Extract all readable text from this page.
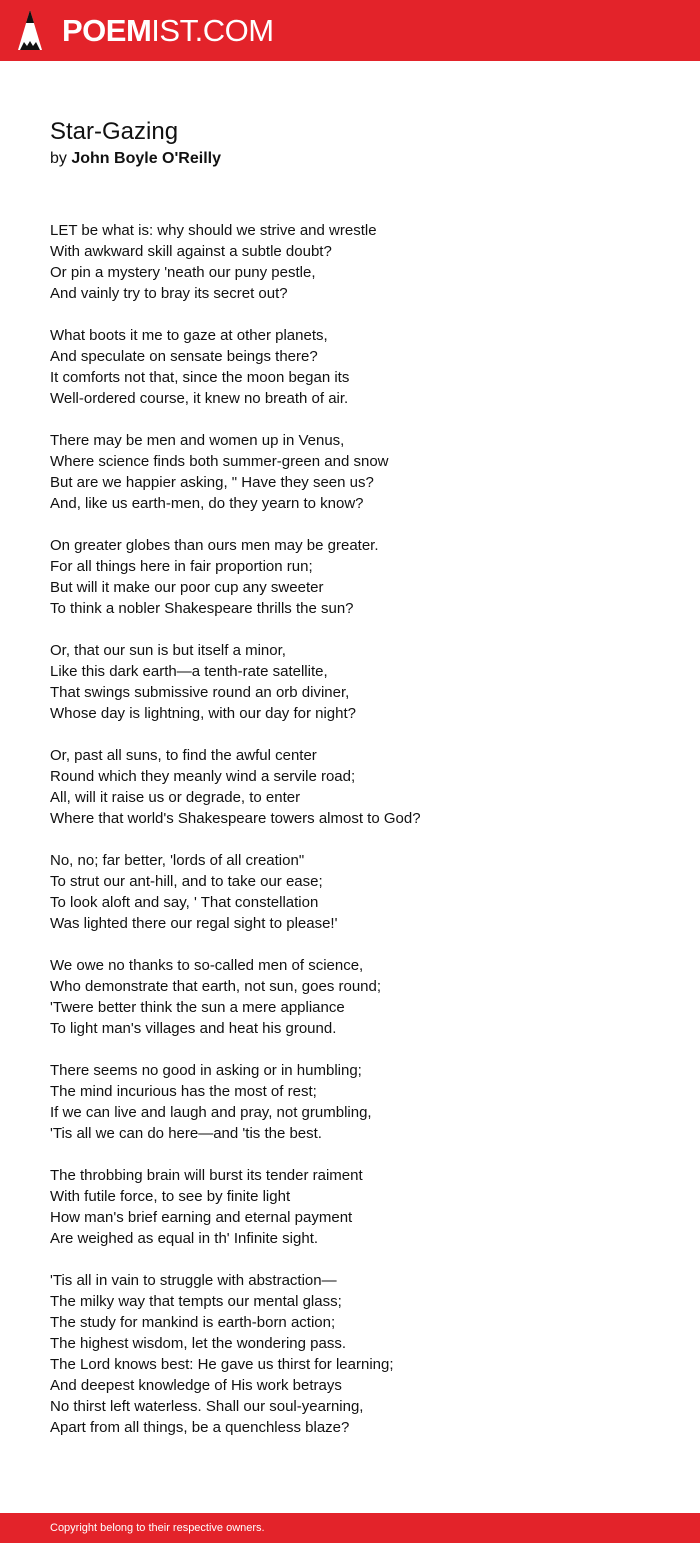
POEMIST.COM
Star-Gazing
by John Boyle O'Reilly
LET be what is: why should we strive and wrestle
With awkward skill against a subtle doubt?
Or pin a mystery 'neath our puny pestle,
And vainly try to bray its secret out?
What boots it me to gaze at other planets,
And speculate on sensate beings there?
It comforts not that, since the moon began its
Well-ordered course, it knew no breath of air.
There may be men and women up in Venus,
Where science finds both summer-green and snow
But are we happier asking, " Have they seen us?
And, like us earth-men, do they yearn to know?
On greater globes than ours men may be greater.
For all things here in fair proportion run;
But will it make our poor cup any sweeter
To think a nobler Shakespeare thrills the sun?
Or, that our sun is but itself a minor,
Like this dark earth—a tenth-rate satellite,
That swings submissive round an orb diviner,
Whose day is lightning, with our day for night?
Or, past all suns, to find the awful center
Round which they meanly wind a servile road;
All, will it raise us or degrade, to enter
Where that world's Shakespeare towers almost to God?
No, no; far better, 'lords of all creation"
To strut our ant-hill, and to take our ease;
To look aloft and say, ' That constellation
Was lighted there our regal sight to please!'
We owe no thanks to so-called men of science,
Who demonstrate that earth, not sun, goes round;
'Twere better think the sun a mere appliance
To light man's villages and heat his ground.
There seems no good in asking or in humbling;
The mind incurious has the most of rest;
If we can live and laugh and pray, not grumbling,
'Tis all we can do here—and 'tis the best.
The throbbing brain will burst its tender raiment
With futile force, to see by finite light
How man's brief earning and eternal payment
Are weighed as equal in th' Infinite sight.
'Tis all in vain to struggle with abstraction—
The milky way that tempts our mental glass;
The study for mankind is earth-born action;
The highest wisdom, let the wondering pass.
The Lord knows best: He gave us thirst for learning;
And deepest knowledge of His work betrays
No thirst left waterless. Shall our soul-yearning,
Apart from all things, be a quenchless blaze?
Copyright belong to their respective owners.
